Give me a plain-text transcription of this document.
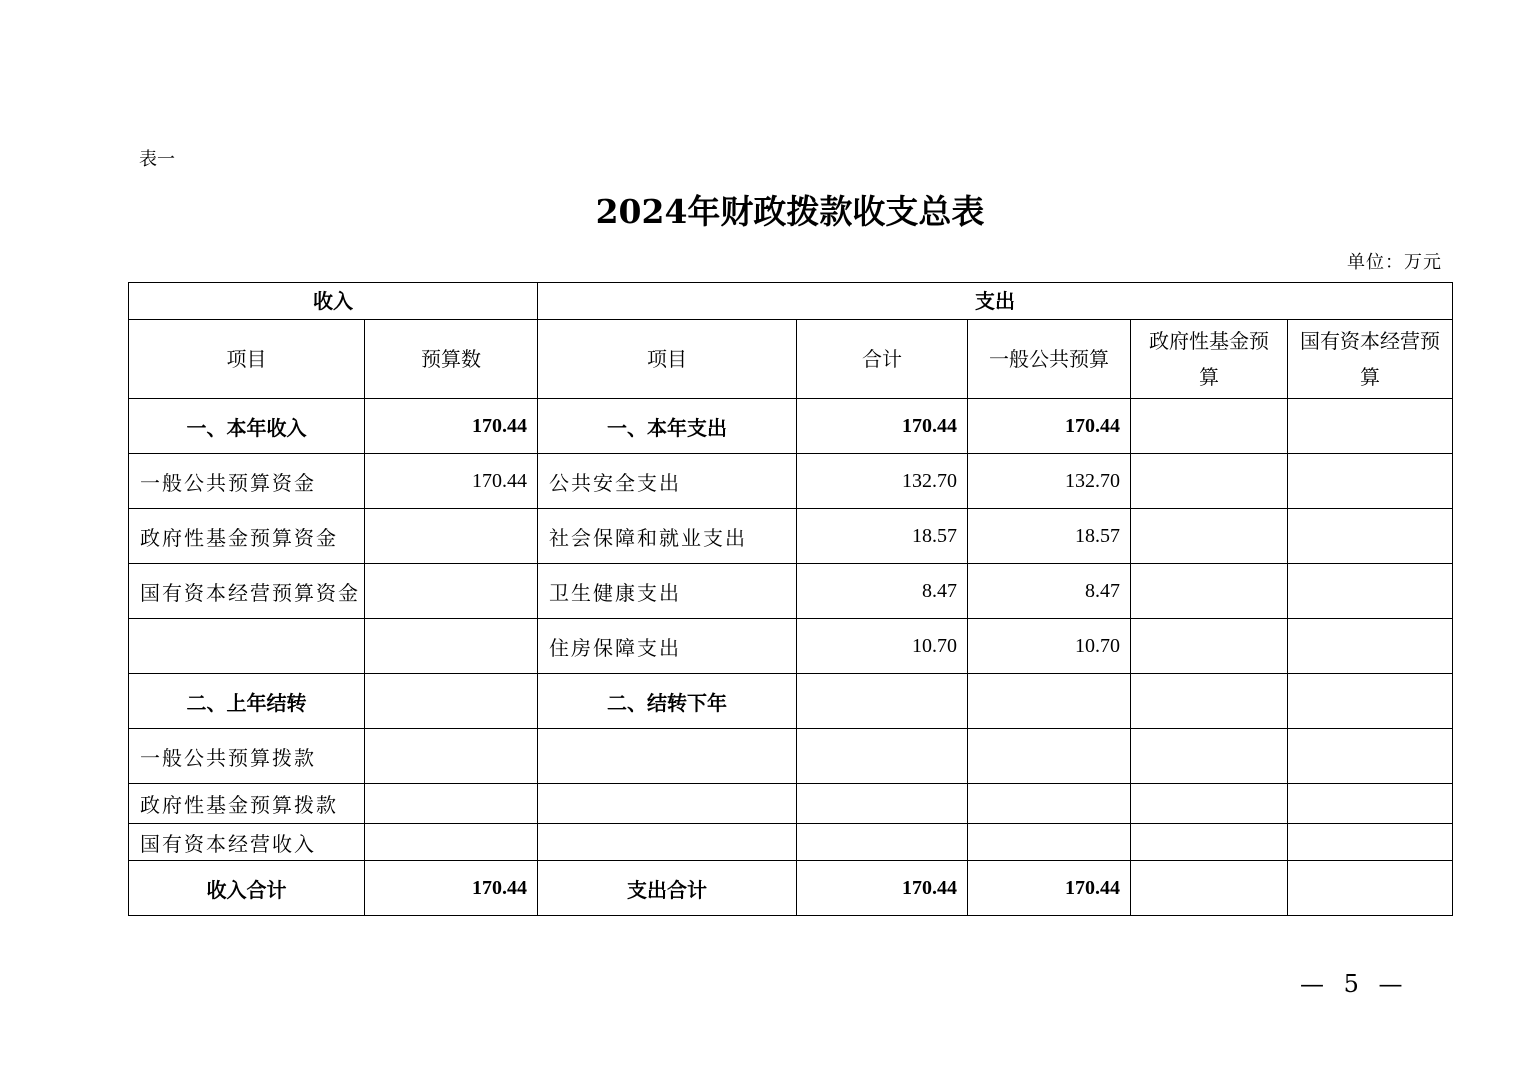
表一
2024年财政拨款收支总表
单位：万元
收入		支出				
项目	预算数	项目	合计	一般公共预算	政府性基金预算	国有资本经营预算
一、本年收入	170.44	一、本年支出	170.44	170.44		
一般公共预算资金	170.44	公共安全支出	132.70	132.70		
政府性基金预算资金		社会保障和就业支出	18.57	18.57		
国有资本经营预算资金		卫生健康支出	8.47	8.47		
		住房保障支出	10.70	10.70		
二、上年结转		二、结转下年				
一般公共预算拨款						
政府性基金预算拨款						
国有资本经营收入						
收入合计	170.44	支出合计	170.44	170.44		
— 5 —
